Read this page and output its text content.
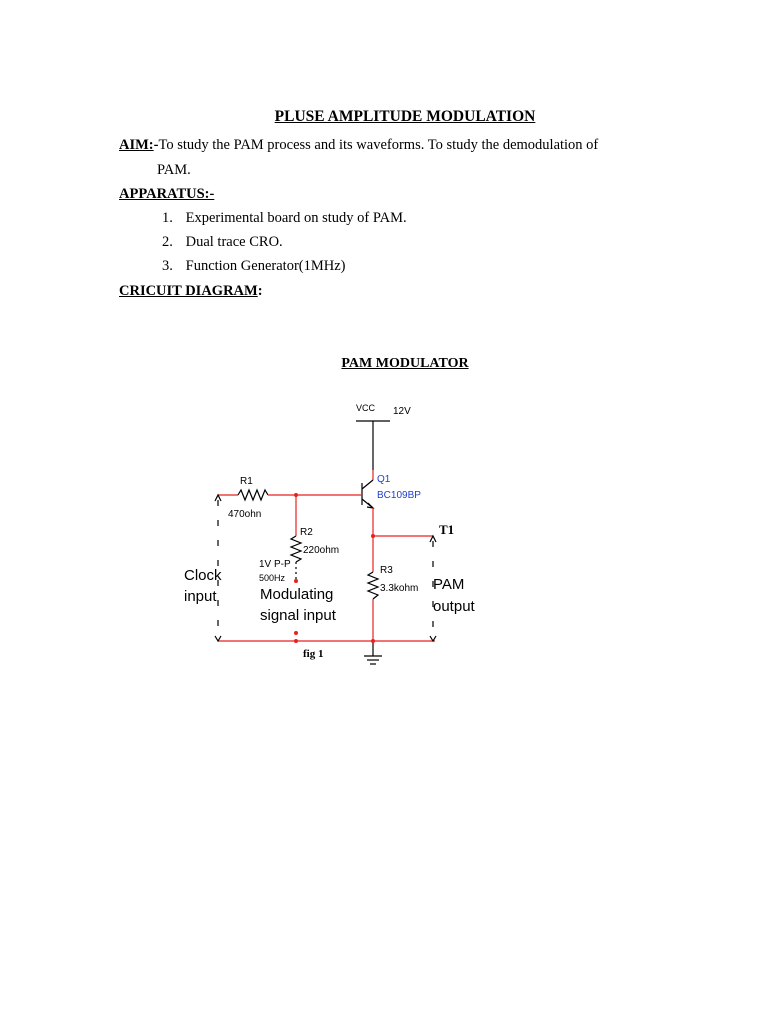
PLUSE AMPLITUDE MODULATION
AIM:-To study the PAM process and its waveforms. To study the demodulation of
PAM.
APPARATUS:-
1. Experimental board on study of PAM.
2. Dual trace CRO.
3. Function Generator(1MHz)
CRICUIT DIAGRAM:
PAM MODULATOR
VCC 12V
R1
470ohn
R2
220ohm
1V P-P
500Hz
R3
3.3kohm
Clock
input	Modulating
signal input
PAM
output
T1
fig 1
Q1
BC109BP
